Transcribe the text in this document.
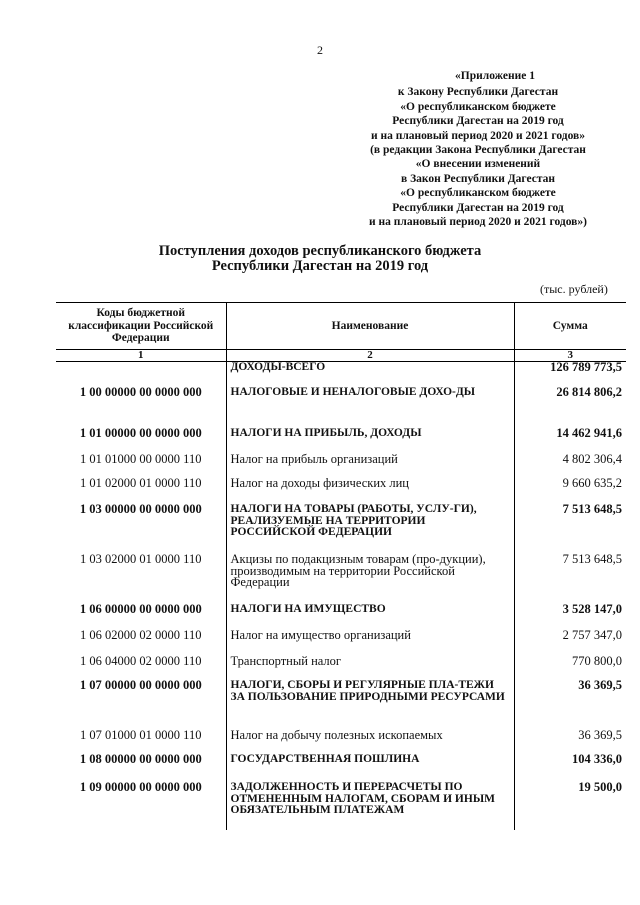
2
«Приложение 1
к Закону Республики Дагестан
«О республиканском бюджете
Республики Дагестан на 2019 год
и на плановый период 2020 и 2021 годов»
(в редакции Закона Республики Дагестан
«О внесении изменений
в Закон Республики Дагестан
«О республиканском бюджете
Республики Дагестан на 2019 год
и на плановый период 2020 и 2021 годов»)
Поступления доходов республиканского бюджета
Республики Дагестан на 2019 год
(тыс. рублей)
Коды бюджетной классификации Российской Федерации	Наименование	Сумма
1	2	3
	ДОХОДЫ-ВСЕГО	126 789 773,5
1 00 00000 00 0000 000	НАЛОГОВЫЕ И НЕНАЛОГОВЫЕ ДОХО-ДЫ	26 814 806,2
1 01 00000 00 0000 000	НАЛОГИ НА ПРИБЫЛЬ, ДОХОДЫ	14 462 941,6
1 01 01000 00 0000 110	Налог на прибыль организаций	4 802 306,4
1 01 02000 01 0000 110	Налог на доходы физических лиц	9 660 635,2
1 03 00000 00 0000 000	НАЛОГИ НА ТОВАРЫ (РАБОТЫ, УСЛУ-ГИ), РЕАЛИЗУЕМЫЕ НА ТЕРРИТОРИИ РОССИЙСКОЙ ФЕДЕРАЦИИ	7 513 648,5
1 03 02000 01 0000 110	Акцизы по подакцизным товарам (про-дукции), производимым на территории Российской Федерации	7 513 648,5
1 06 00000 00 0000 000	НАЛОГИ НА ИМУЩЕСТВО	3 528 147,0
1 06 02000 02 0000 110	Налог на имущество организаций	2 757 347,0
1 06 04000 02 0000 110	Транспортный налог	770 800,0
1 07 00000 00 0000 000	НАЛОГИ, СБОРЫ И РЕГУЛЯРНЫЕ ПЛА-ТЕЖИ ЗА ПОЛЬЗОВАНИЕ ПРИРОДНЫМИ РЕСУРСАМИ	36 369,5
1 07 01000 01 0000 110	Налог на добычу полезных ископаемых	36 369,5
1 08 00000 00 0000 000	ГОСУДАРСТВЕННАЯ ПОШЛИНА	104 336,0
1 09 00000 00 0000 000	ЗАДОЛЖЕННОСТЬ И ПЕРЕРАСЧЕТЫ ПО ОТМЕНЕННЫМ НАЛОГАМ, СБОРАМ И ИНЫМ ОБЯЗАТЕЛЬНЫМ ПЛАТЕЖАМ	19 500,0
